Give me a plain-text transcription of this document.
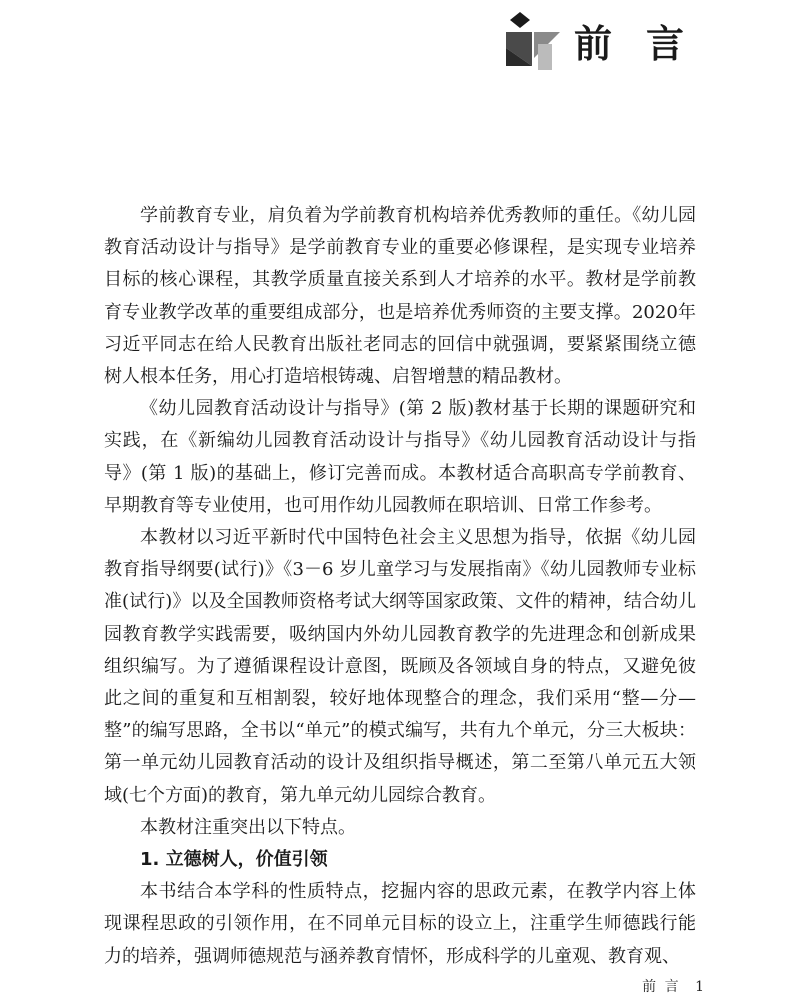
前言

学前教育专业，肩负着为学前教育机构培养优秀教师的重任。《幼儿园教育活动设计与指导》是学前教育专业的重要必修课程，是实现专业培养目标的核心课程，其教学质量直接关系到人才培养的水平。教材是学前教育专业教学改革的重要组成部分，也是培养优秀师资的主要支撑。2020年习近平同志在给人民教育出版社老同志的回信中就强调，要紧紧围绕立德树人根本任务，用心打造培根铸魂、启智增慧的精品教材。

《幼儿园教育活动设计与指导》(第 2 版)教材基于长期的课题研究和实践，在《新编幼儿园教育活动设计与指导》《幼儿园教育活动设计与指导》(第 1 版)的基础上，修订完善而成。本教材适合高职高专学前教育、早期教育等专业使用，也可用作幼儿园教师在职培训、日常工作参考。

本教材以习近平新时代中国特色社会主义思想为指导，依据《幼儿园教育指导纲要(试行)》《3－6 岁儿童学习与发展指南》《幼儿园教师专业标准(试行)》以及全国教师资格考试大纲等国家政策、文件的精神，结合幼儿园教育教学实践需要，吸纳国内外幼儿园教育教学的先进理念和创新成果组织编写。为了遵循课程设计意图，既顾及各领域自身的特点，又避免彼此之间的重复和互相割裂，较好地体现整合的理念，我们采用“整—分—整”的编写思路，全书以“单元”的模式编写，共有九个单元，分三大板块：第一单元幼儿园教育活动的设计及组织指导概述，第二至第八单元五大领域(七个方面)的教育，第九单元幼儿园综合教育。

本教材注重突出以下特点。

1. 立德树人，价值引领

本书结合本学科的性质特点，挖掘内容的思政元素，在教学内容上体现课程思政的引领作用，在不同单元目标的设立上，注重学生师德践行能力的培养，强调师德规范与涵养教育情怀，形成科学的儿童观、教育观、

前 言 1
